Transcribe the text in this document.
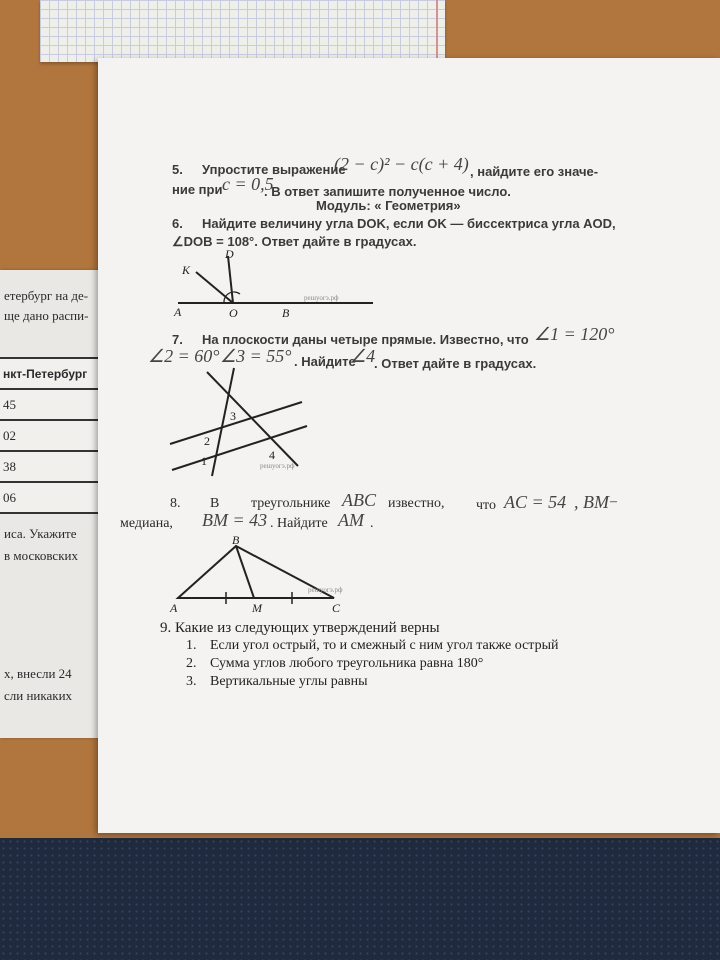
етербург на де-
ще дано распи-
нкт-Петербург
45
02
38
06
иса. Укажите
в московских
х, внесли 24
сли никаких
5. Упростите выражение
(2 − c)² − c(c + 4) , найдите его значе-
ние при c = 0,5
. В ответ запишите полученное число.
Модуль: « Геометрия»
6. Найдите величину угла DOK, если OK — биссектриса угла AOD,
∠DOB = 108°. Ответ дайте в градусах.
D
K
A	O	B
решуогэ.рф
7. На плоскости даны четыре прямые. Известно, что ∠1 = 120°
∠2 = 60° ∠3 = 55° . Найдите
∠4
. Ответ дайте в градусах.
3
2
1	4
решуогэ.рф
8. В треугольнике ABC известно, что AC = 54 , BM –
медиана, BM = 43 . Найдите AM .
B
A	M	C
решуогэ.рф
9. Какие из следующих утверждений верны
1. Если угол острый, то и смежный с ним угол также острый
2. Сумма углов любого треугольника равна 180°
3. Вертикальные углы равны
